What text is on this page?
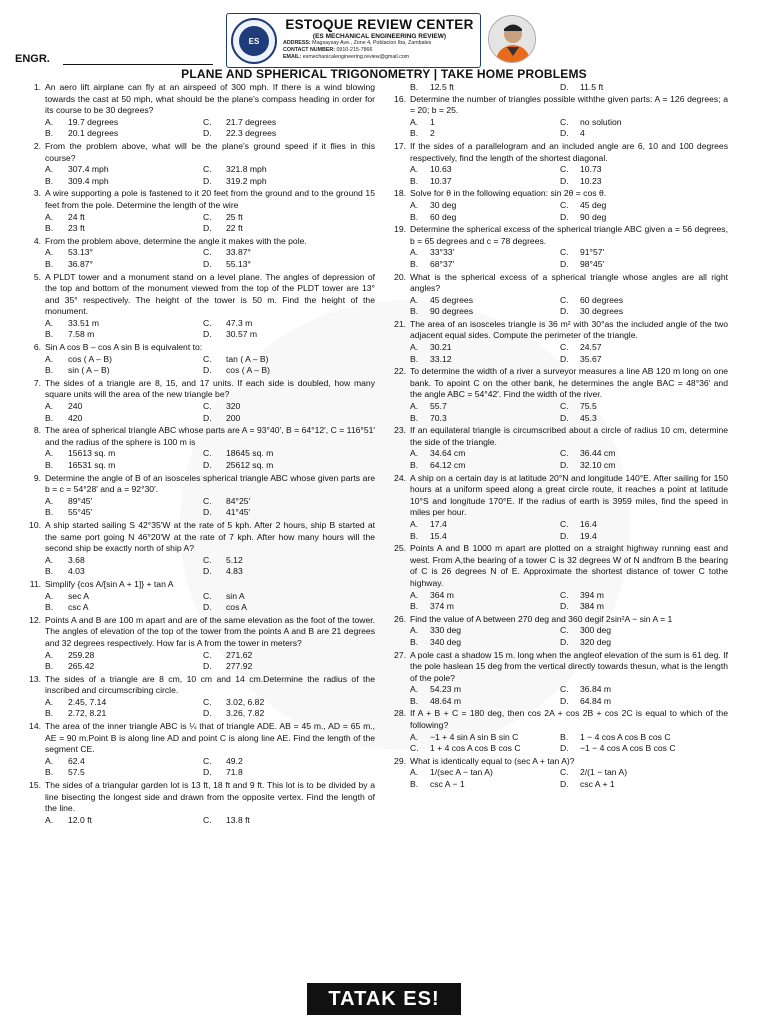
ES
ESTOQUE REVIEW CENTER
(ES MECHANICAL ENGINEERING REVIEW)
ADDRESS: Magsaysay Ave., Zone 4, Poblacion Iba, Zambales
CONTACT NUMBER: 0910-215-7866
EMAIL: esmechanicalengineering.review@gmail.com
ENGR.
PLANE AND SPHERICAL TRIGONOMETRY | TAKE HOME PROBLEMS
1. An aero lift airplane can fly at an airspeed of 300 mph. If there is a wind blowing towards the cast at 50 mph, what should be the plane's compass heading in order for its course to be 30 degrees?
A. 19.7 degrees	C. 21.7 degrees
B. 20.1 degrees	D. 22.3 degrees
2. From the problem above, what will be the plane's ground speed if it flies in this course?
A. 307.4 mph	C. 321.8 mph
B. 309.4 mph	D. 319.2 mph
3. A wire supporting a pole is fastened to it 20 feet from the ground and to the ground 15 feet from the pole. Determine the length of the wire
A. 24 ft	C. 25 ft
B. 23 ft	D. 22 ft
4. From the problem above, determine the angle it makes with the pole.
A. 53.13°	C. 33.87°
B. 36.87°	D. 55.13°
5. A PLDT tower and a monument stand on a level plane. The angles of depression of the top and bottom of the monument viewed from the top of the PLDT tower are 13° and 35° respectively. The height of the tower is 50 m. Find the height of the monument.
A. 33.51 m	C. 47.3 m
B. 7.58 m	D. 30.57 m
6. Sin A cos B – cos A sin B is equivalent to:
A. cos ( A – B)	C. tan ( A – B)
B. sin ( A – B)	D. cos ( A – B)
7. The sides of a triangle are 8, 15, and 17 units. If each side is doubled, how many square units will the area of the new triangle be?
A. 240	C. 320
B. 420	D. 200
8. The area of spherical triangle ABC whose parts are A = 93°40′, B = 64°12′, C = 116°51′ and the radius of the sphere is 100 m is
A. 15613 sq. m	C. 18645 sq. m
B. 16531 sq. m	D. 25612 sq. m
9. Determine the angle of B of an isosceles spherical triangle ABC whose given parts are b = c = 54°28′ and a = 92°30′.
A. 89°45′	C. 84°25′
B. 55°45′	D. 41°45′
10. A ship started sailing S 42°35′W at the rate of 5 kph. After 2 hours, ship B started at the same port going N 46°20′W at the rate of 7 kph. After how many hours will the second ship be exactly north of ship A?
A. 3.68	C. 5.12
B. 4.03	D. 4.83
11. Simplify {cos A/[sin A + 1]} + tan A
A. sec A	C. sin A
B. csc A	D. cos A
12. Points A and B are 100 m apart and are of the same elevation as the foot of the tower. The angles of elevation of the top of the tower from the points A and B are 21 degrees and 32 degrees respectively. How far is A from the tower in meters?
A. 259.28	C. 271.62
B. 265.42	D. 277.92
13. The sides of a triangle are 8 cm, 10 cm and 14 cm.Determine the radius of the inscribed and circumscribing circle.
A. 2.45, 7.14	C. 3.02, 6.82
B. 2.72, 8.21	D. 3.26, 7.82
14. The area of the inner triangle ABC is ¼ that of triangle ADE. AB = 45 m., AD = 65 m., AE = 90 m.Point B is along line AD and point C is along line AE. Find the length of the segment CE.
A. 62.4	C. 49.2
B. 57.5	D. 71.8
15. The sides of a triangular garden lot is 13 ft, 18 ft and 9 ft. This lot is to be divided by a line bisecting the longest side and drawn from the opposite vertex. Find the length of the line.
A. 12.0 ft	C. 13.8 ft
B. 12.5 ft	D. 11.5 ft
16. Determine the number of triangles possible withthe given parts: A = 126 degrees; a = 20; b = 25.
A. 1	C. no solution
B. 2	D. 4
17. If the sides of a parallelogram and an included angle are 6, 10 and 100 degrees respectively, find the length of the shortest diagonal.
A. 10.63	C. 10.73
B. 10.37	D. 10.23
18. Solve for θ in the following equation: sin 2θ = cos θ.
A. 30 deg	C. 45 deg
B. 60 deg	D. 90 deg
19. Determine the spherical excess of the spherical triangle ABC given a = 56 degrees, b = 65 degrees and c = 78 degrees.
A. 33°33′	C. 91°57′
B. 68°37′	D. 98°45′
20. What is the spherical excess of a spherical triangle whose angles are all right angles?
A. 45 degrees	C. 60 degrees
B. 90 degrees	D. 30 degrees
21. The area of an isosceles triangle is 36 m² with 30°as the included angle of the two adjacent equal sides. Compute the perimeter of the triangle.
A. 30.21	C. 24.57
B. 33.12	D. 35.67
22. To determine the width of a river a surveyor measures a line AB 120 m long on one bank. To apoint C on the other bank, he determines the angle BAC = 48°36′ and the angle ABC = 54°42′. Find the width of the river.
A. 55.7	C. 75.5
B. 70.3	D. 45.3
23. If an equilateral triangle is circumscribed about a circle of radius 10 cm, determine the side of the triangle.
A. 34.64 cm	C. 36.44 cm
B. 64.12 cm	D. 32.10 cm
24. A ship on a certain day is at latitude 20°N and longitude 140°E. After sailing for 150 hours at a uniform speed along a great circle route, it reaches a point at latitude 10°S and longitude 170°E. If the radius of earth is 3959 miles, find the speed in miles per hour.
A. 17.4	C. 16.4
B. 15.4	D. 19.4
25. Points A and B 1000 m apart are plotted on a straight highway running east and west. From A,the bearing of a tower C is 32 degrees W of N andfrom B the bearing of C is 26 degrees N of E. Approximate the shortest distance of tower C tothe highway.
A. 364 m	C. 394 m
B. 374 m	D. 384 m
26. Find the value of A between 270 deg and 360 degif 2sin²A − sin A = 1
A. 330 deg	C. 300 deg
B. 340 deg	D. 320 deg
27. A pole cast a shadow 15 m. long when the angleof elevation of the sum is 61 deg. If the pole haslean 15 deg from the vertical directly towards thesun, what is the length of the pole?
A. 54.23 m	C. 36.84 m
B. 48.64 m	D. 64.84 m
28. If A + B + C = 180 deg, then cos 2A + cos 2B + cos 2C is equal to which of the following?
A. −1 + 4 sin A sin B sin C	B. 1 − 4 cos A cos B cos C
C. 1 + 4 cos A cos B cos C	D. −1 − 4 cos A cos B cos C
29. What is identically equal to (sec A + tan A)?
A. 1/(sec A − tan A)	C. 2/(1 − tan A)
B. csc A − 1	D. csc A + 1
TATAK ES!
